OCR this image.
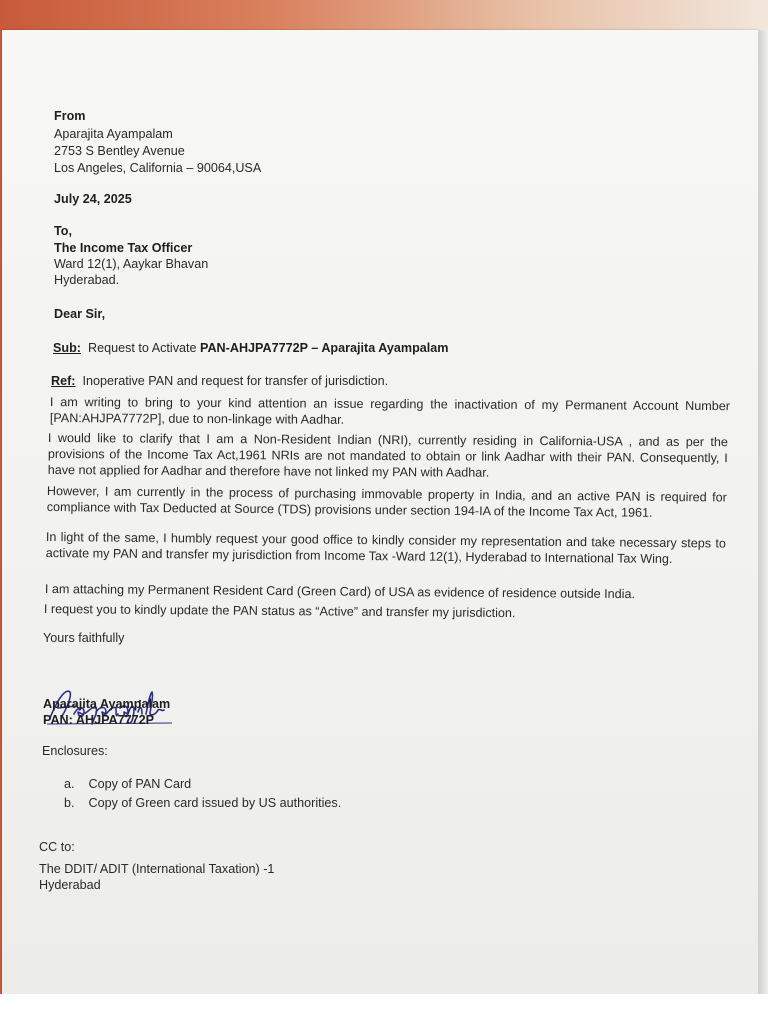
From

Aparajita Ayampalam

2753 S Bentley Avenue

Los Angeles, California – 90064,USA

July 24, 2025

To,

The Income Tax Officer

Ward 12(1), Aaykar Bhavan

Hyderabad.

Dear Sir,

Sub: Request to Activate PAN-AHJPA7772P – Aparajita Ayampalam

Ref: Inoperative PAN and request for transfer of jurisdiction.

I am writing to bring to your kind attention an issue regarding the inactivation of my Permanent Account Number [PAN:AHJPA7772P], due to non-linkage with Aadhar.

I would like to clarify that I am a Non-Resident Indian (NRI), currently residing in California-USA , and as per the provisions of the Income Tax Act,1961 NRIs are not mandated to obtain or link Aadhar with their PAN. Consequently, I have not applied for Aadhar and therefore have not linked my PAN with Aadhar.

However, I am currently in the process of purchasing immovable property in India, and an active PAN is required for compliance with Tax Deducted at Source (TDS) provisions under section 194-IA of the Income Tax Act, 1961.

In light of the same, I humbly request your good office to kindly consider my representation and take necessary steps to activate my PAN and transfer my jurisdiction from Income Tax -Ward 12(1), Hyderabad to International Tax Wing.

I am attaching my Permanent Resident Card (Green Card) of USA as evidence of residence outside India.

I request you to kindly update the PAN status as “Active” and transfer my jurisdiction.

Yours faithfully

Aparajita Ayampalam

PAN: AHJPA7772P

Enclosures:

a. Copy of PAN Card

b. Copy of Green card issued by US authorities.

CC to:

The DDIT/ ADIT (International Taxation) -1

Hyderabad
